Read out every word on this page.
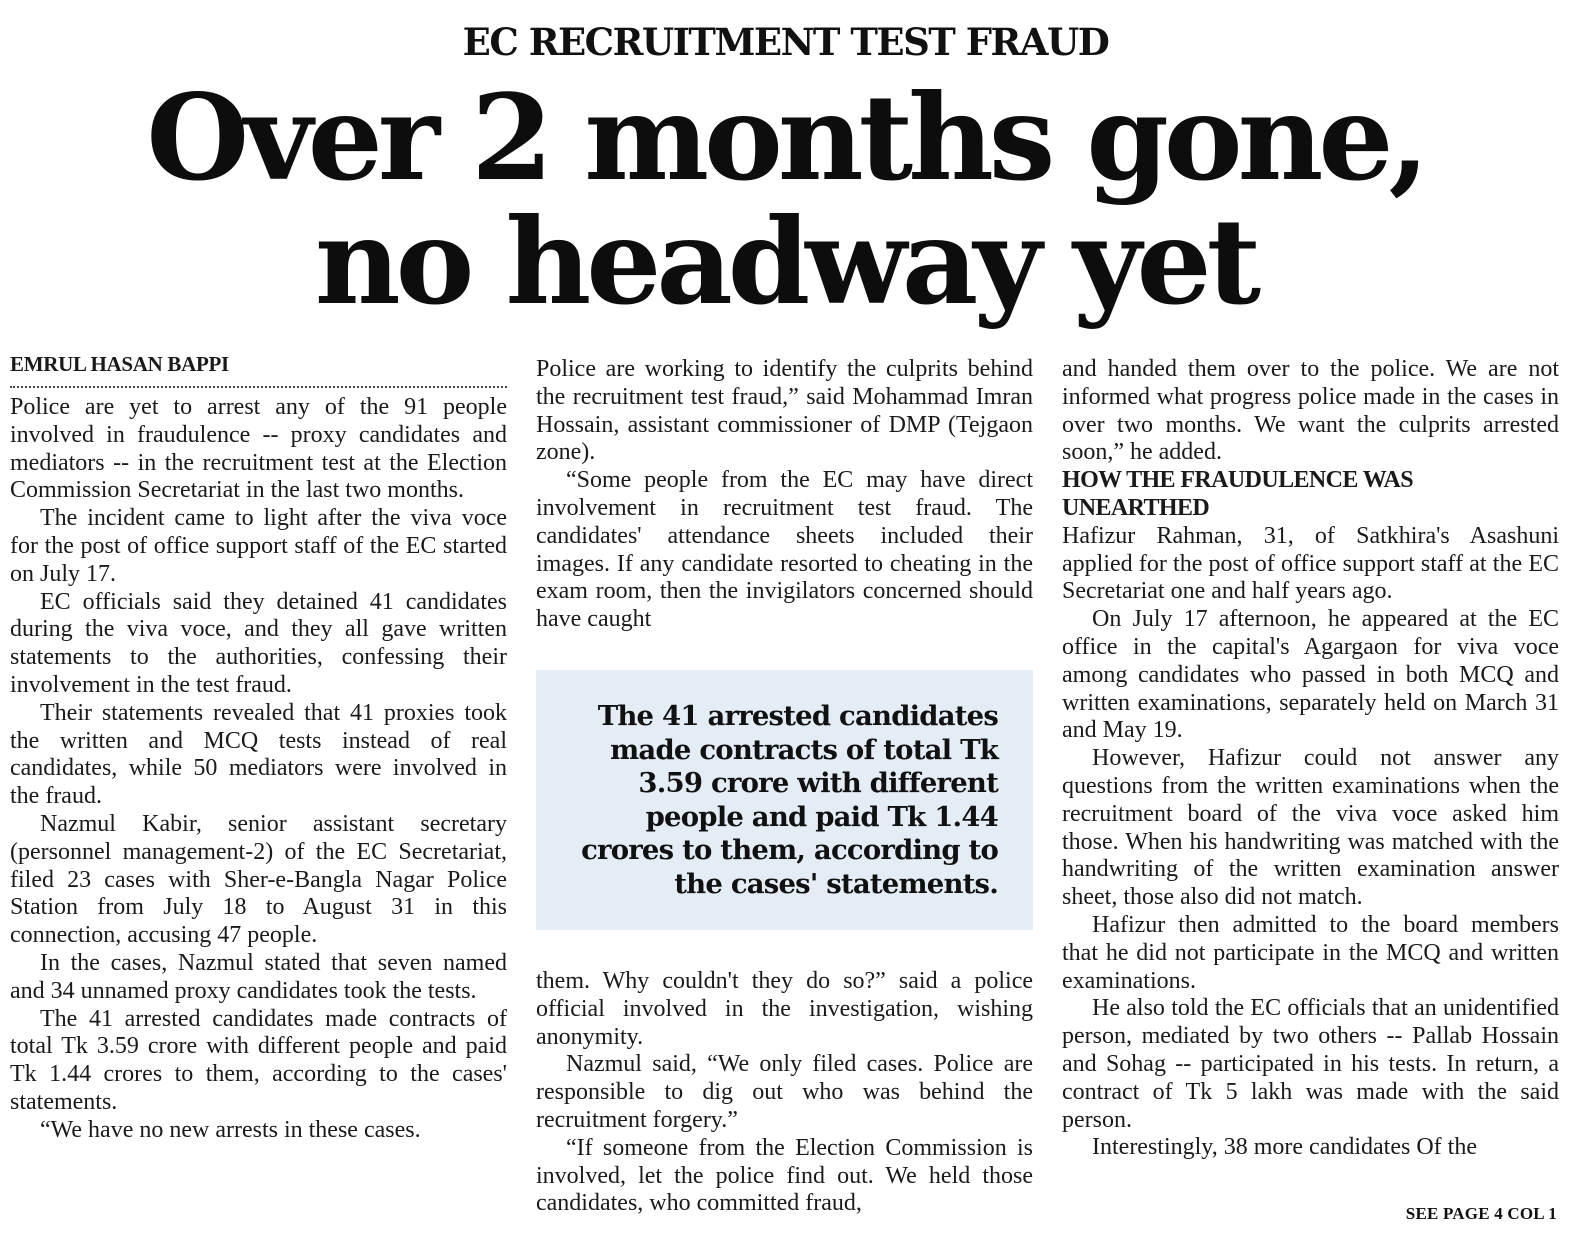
EC RECRUITMENT TEST FRAUD
Over 2 months gone,
no headway yet
EMRUL HASAN BAPPI

Police are yet to arrest any of the 91 people involved in fraudulence -- proxy candidates and mediators -- in the recruitment test at the Election Commission Secretariat in the last two months.

The incident came to light after the viva voce for the post of office support staff of the EC started on July 17.

EC officials said they detained 41 candidates during the viva voce, and they all gave written statements to the authorities, confessing their involvement in the test fraud.

Their statements revealed that 41 proxies took the written and MCQ tests instead of real candidates, while 50 mediators were involved in the fraud.

Nazmul Kabir, senior assistant secretary (personnel management-2) of the EC Secretariat, filed 23 cases with Sher-e-Bangla Nagar Police Station from July 18 to August 31 in this connection, accusing 47 people.

In the cases, Nazmul stated that seven named and 34 unnamed proxy candidates took the tests.

The 41 arrested candidates made contracts of total Tk 3.59 crore with different people and paid Tk 1.44 crores to them, according to the cases' statements.

“We have no new arrests in these cases.

Police are working to identify the culprits behind the recruitment test fraud,” said Mohammad Imran Hossain, assistant commissioner of DMP (Tejgaon zone).

“Some people from the EC may have direct involvement in recruitment test fraud. The candidates' attendance sheets included their images. If any candidate resorted to cheating in the exam room, then the invigilators concerned should have caught

The 41 arrested candidates made contracts of total Tk 3.59 crore with different people and paid Tk 1.44 crores to them, according to the cases' statements.

them. Why couldn't they do so?” said a police official involved in the investigation, wishing anonymity.

Nazmul said, “We only filed cases. Police are responsible to dig out who was behind the recruitment forgery.”

“If someone from the Election Commission is involved, let the police find out. We held those candidates, who committed fraud,

and handed them over to the police. We are not informed what progress police made in the cases in over two months. We want the culprits arrested soon,” he added.

HOW THE FRAUDULENCE WAS UNEARTHED

Hafizur Rahman, 31, of Satkhira's Asashuni applied for the post of office support staff at the EC Secretariat one and half years ago.

On July 17 afternoon, he appeared at the EC office in the capital's Agargaon for viva voce among candidates who passed in both MCQ and written examinations, separately held on March 31 and May 19.

However, Hafizur could not answer any questions from the written examinations when the recruitment board of the viva voce asked him those. When his handwriting was matched with the handwriting of the written examination answer sheet, those also did not match.

Hafizur then admitted to the board members that he did not participate in the MCQ and written examinations.

He also told the EC officials that an unidentified person, mediated by two others -- Pallab Hossain and Sohag -- participated in his tests. In return, a contract of Tk 5 lakh was made with the said person.

Interestingly, 38 more candidates Of the

SEE PAGE 4 COL 1
